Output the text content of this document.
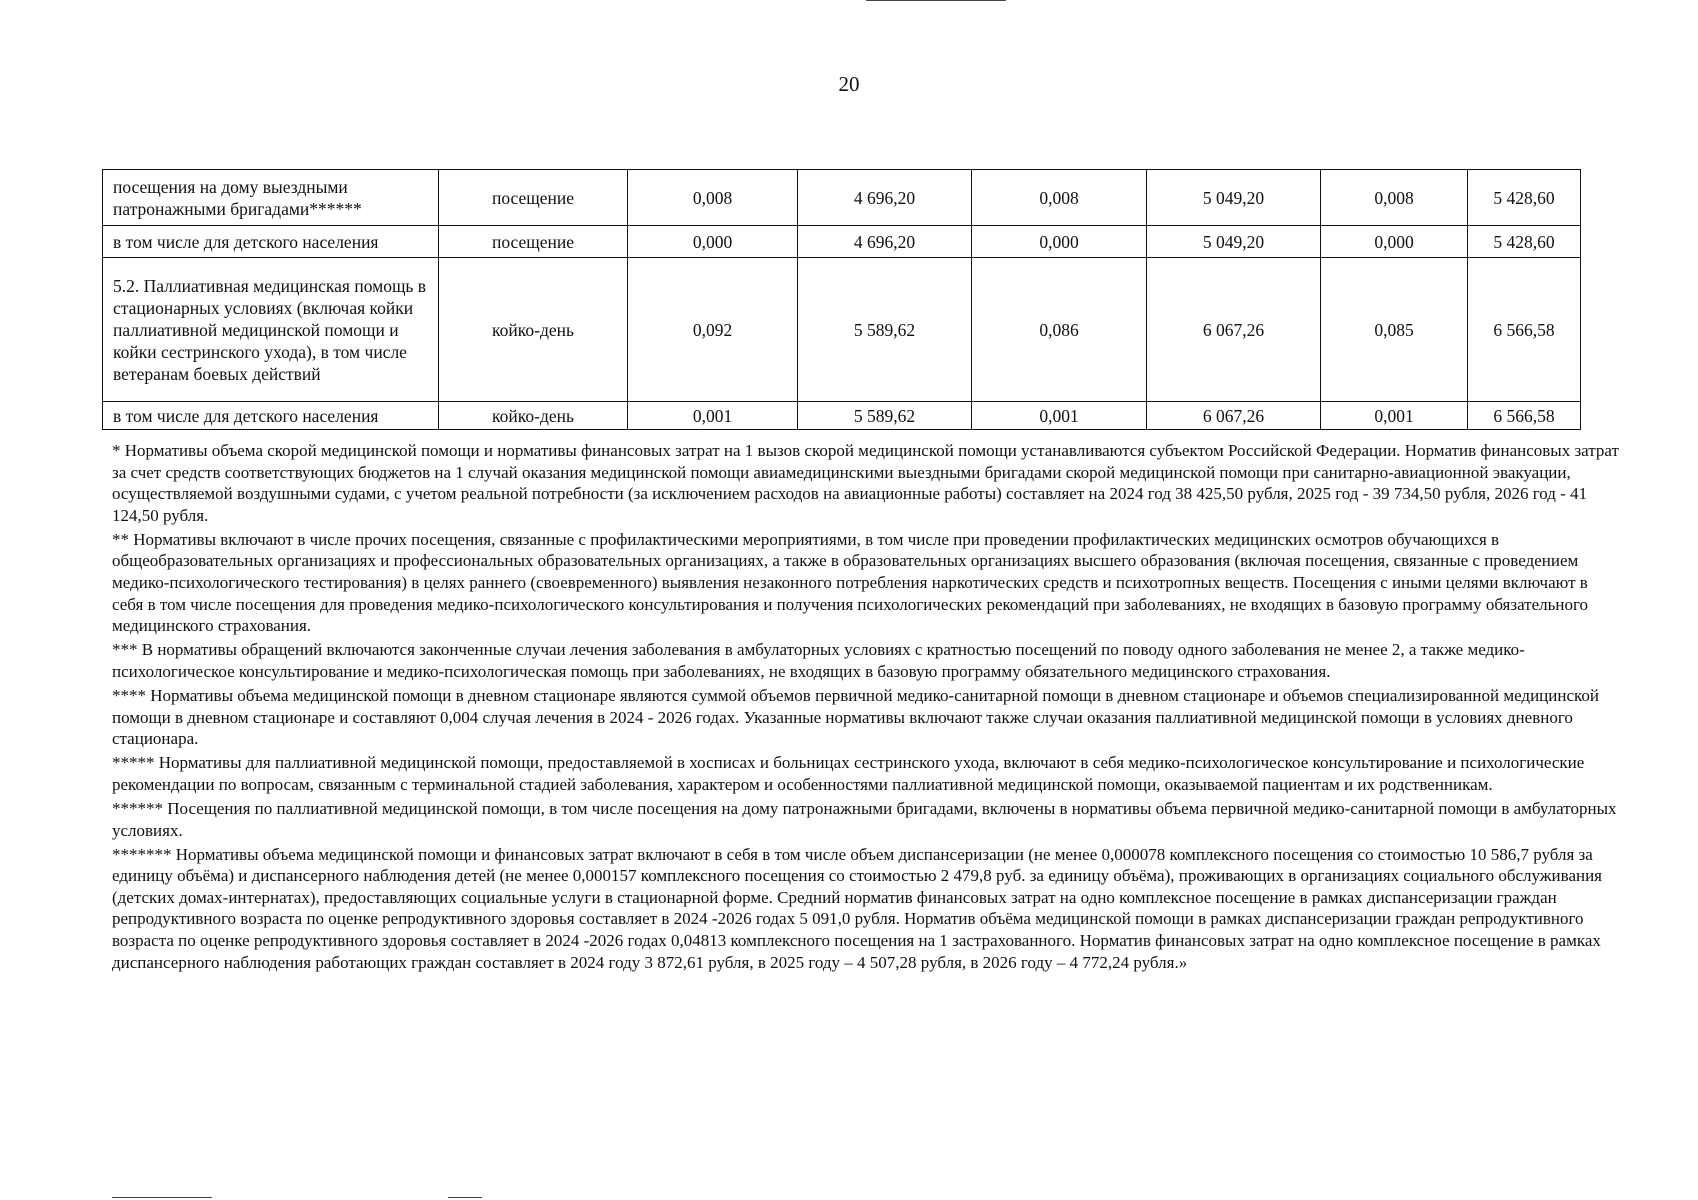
20
посещения на дому выездными патронажными бригадами******	посещение	0,008	4 696,20	0,008	5 049,20	0,008	5 428,60
в том числе для детского населения	посещение	0,000	4 696,20	0,000	5 049,20	0,000	5 428,60
5.2. Паллиативная медицинская помощь в стационарных условиях (включая койки паллиативной медицинской помощи и койки сестринского ухода), в том числе ветеранам боевых действий	койко-день	0,092	5 589,62	0,086	6 067,26	0,085	6 566,58
в том числе для детского населения	койко-день	0,001	5 589,62	0,001	6 067,26	0,001	6 566,58

* Нормативы объема скорой медицинской помощи и нормативы финансовых затрат на 1 вызов скорой медицинской помощи устанавливаются субъектом Российской Федерации. Норматив финансовых затрат за счет средств соответствующих бюджетов на 1 случай оказания медицинской помощи авиамедицинскими выездными бригадами скорой медицинской помощи при санитарно-авиационной эвакуации, осуществляемой воздушными судами, с учетом реальной потребности (за исключением расходов на авиационные работы) составляет на 2024 год 38 425,50 рубля, 2025 год - 39 734,50 рубля, 2026 год - 41 124,50 рубля.

** Нормативы включают в числе прочих посещения, связанные с профилактическими мероприятиями, в том числе при проведении профилактических медицинских осмотров обучающихся в общеобразовательных организациях и профессиональных образовательных организациях, а также в образовательных организациях высшего образования (включая посещения, связанные с проведением медико-психологического тестирования) в целях раннего (своевременного) выявления незаконного потребления наркотических средств и психотропных веществ. Посещения с иными целями включают в себя в том числе посещения для проведения медико-психологического консультирования и получения психологических рекомендаций при заболеваниях, не входящих в базовую программу обязательного медицинского страхования.

*** В нормативы обращений включаются законченные случаи лечения заболевания в амбулаторных условиях с кратностью посещений по поводу одного заболевания не менее 2, а также медико-психологическое консультирование и медико-психологическая помощь при заболеваниях, не входящих в базовую программу обязательного медицинского страхования.

**** Нормативы объема медицинской помощи в дневном стационаре являются суммой объемов первичной медико-санитарной помощи в дневном стационаре и объемов специализированной медицинской помощи в дневном стационаре и составляют 0,004 случая лечения в 2024 - 2026 годах. Указанные нормативы включают также случаи оказания паллиативной медицинской помощи в условиях дневного стационара.

***** Нормативы для паллиативной медицинской помощи, предоставляемой в хосписах и больницах сестринского ухода, включают в себя медико-психологическое консультирование и психологические рекомендации по вопросам, связанным с терминальной стадией заболевания, характером и особенностями паллиативной медицинской помощи, оказываемой пациентам и их родственникам.

****** Посещения по паллиативной медицинской помощи, в том числе посещения на дому патронажными бригадами, включены в нормативы объема первичной медико-санитарной помощи в амбулаторных условиях.

******* Нормативы объема медицинской помощи и финансовых затрат включают в себя в том числе объем диспансеризации (не менее 0,000078 комплексного посещения со стоимостью 10 586,7 рубля за единицу объёма) и диспансерного наблюдения детей (не менее 0,000157 комплексного посещения со стоимостью 2 479,8 руб. за единицу объёма), проживающих в организациях социального обслуживания (детских домах-интернатах), предоставляющих социальные услуги в стационарной форме. Средний норматив финансовых затрат на одно комплексное посещение в рамках диспансеризации граждан репродуктивного возраста по оценке репродуктивного здоровья составляет в 2024 -2026 годах 5 091,0 рубля. Норматив объёма медицинской помощи в рамках диспансеризации граждан репродуктивного возраста по оценке репродуктивного здоровья составляет в 2024 -2026 годах 0,04813 комплексного посещения на 1 застрахованного. Норматив финансовых затрат на одно комплексное посещение в рамках диспансерного наблюдения работающих граждан составляет в 2024 году 3 872,61 рубля, в 2025 году – 4 507,28 рубля, в 2026 году – 4 772,24 рубля.»
